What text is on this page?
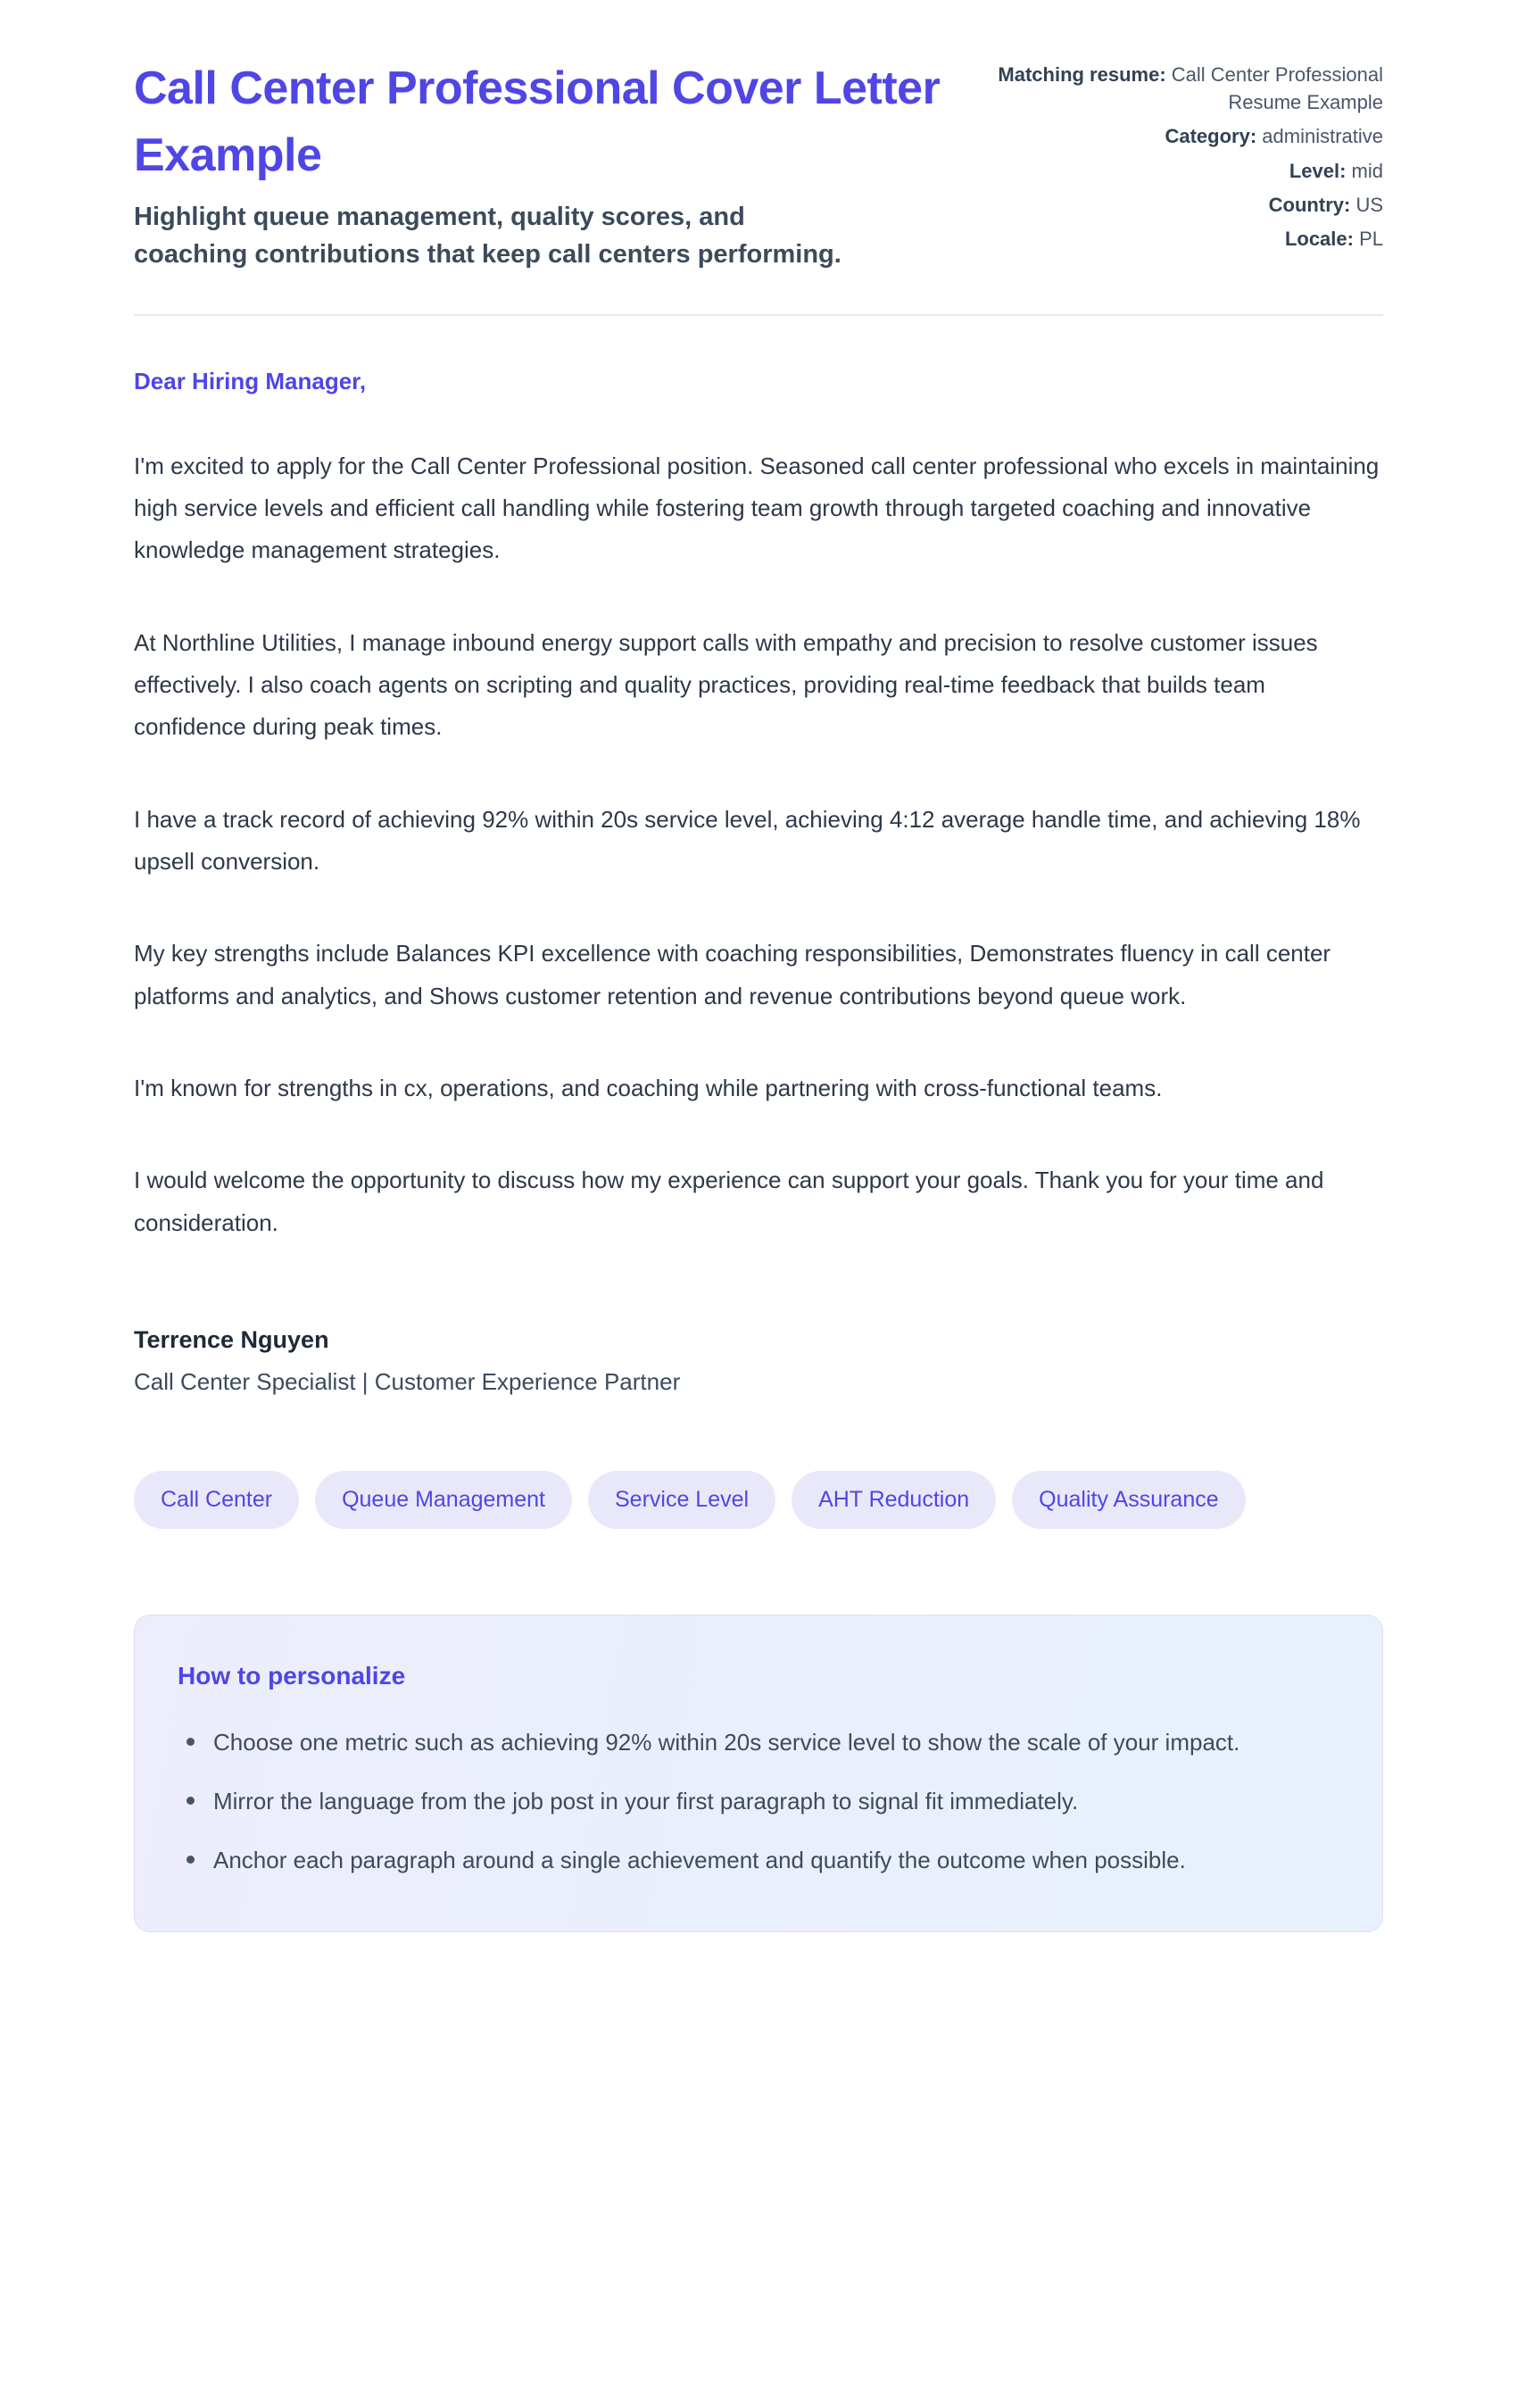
Call Center Professional Cover Letter Example

Highlight queue management, quality scores, and coaching contributions that keep call centers performing.

Matching resume: Call Center Professional Resume Example
Category: administrative
Level: mid
Country: US
Locale: PL

Dear Hiring Manager,

I'm excited to apply for the Call Center Professional position. Seasoned call center professional who excels in maintaining high service levels and efficient call handling while fostering team growth through targeted coaching and innovative knowledge management strategies.

At Northline Utilities, I manage inbound energy support calls with empathy and precision to resolve customer issues effectively. I also coach agents on scripting and quality practices, providing real-time feedback that builds team confidence during peak times.

I have a track record of achieving 92% within 20s service level, achieving 4:12 average handle time, and achieving 18% upsell conversion.

My key strengths include Balances KPI excellence with coaching responsibilities, Demonstrates fluency in call center platforms and analytics, and Shows customer retention and revenue contributions beyond queue work.

I'm known for strengths in cx, operations, and coaching while partnering with cross-functional teams.

I would welcome the opportunity to discuss how my experience can support your goals. Thank you for your time and consideration.

Terrence Nguyen

Call Center Specialist | Customer Experience Partner

Call Center	Queue Management	Service Level	AHT Reduction	Quality Assurance
How to personalize
Choose one metric such as achieving 92% within 20s service level to show the scale of your impact.
Mirror the language from the job post in your first paragraph to signal fit immediately.
Anchor each paragraph around a single achievement and quantify the outcome when possible.
